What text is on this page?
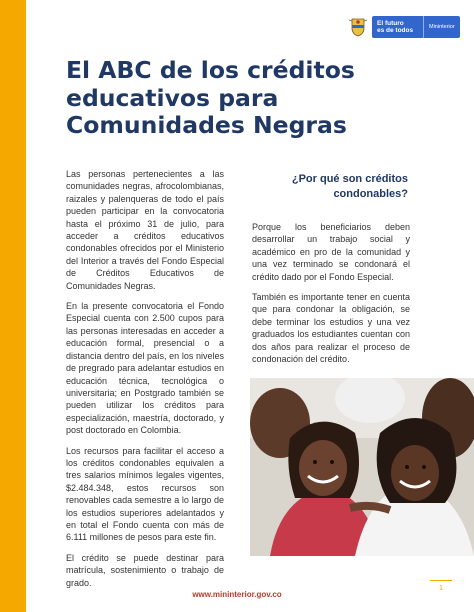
El futuro
es de todos	Mininterior
El ABC de los créditos
educativos para
Comunidades Negras

Las personas pertenecientes a las comunidades negras, afrocolombianas, raizales y palenqueras de todo el país pueden participar en la convocatoria hasta el próximo 31 de julio, para acceder a créditos educativos condonables ofrecidos por el Ministerio del Interior a través del Fondo Especial de Créditos Educativos de Comunidades Negras.

En la presente convocatoria el Fondo Especial cuenta con 2.500 cupos para las personas interesadas en acceder a educación formal, presencial o a distancia dentro del país, en los niveles de pregrado para adelantar estudios en educación técnica, tecnológica o universitaria; en Postgrado también se pueden utilizar los créditos para especialización, maestría, doctorado, y post doctorado en Colombia.

Los recursos para facilitar el acceso a los créditos condonables equivalen a tres salarios mínimos legales vigentes, $2.484.348, estos recursos son renovables cada semestre a lo largo de los estudios superiores adelantados y en total el Fondo cuenta con más de 6.111 millones de pesos para este fin.

El crédito se puede destinar para matrícula, sostenimiento o trabajo de grado.

¿Por qué son créditos condonables?

Porque los beneficiarios deben desarrollar un trabajo social y académico en pro de la comunidad y una vez terminado se condonará el crédito dado por el Fondo Especial.

También es importante tener en cuenta que para condonar la obligación, se debe terminar los estudios y una vez graduados los estudiantes cuentan con dos años para realizar el proceso de condonación del crédito.

1
www.mininterior.gov.co
